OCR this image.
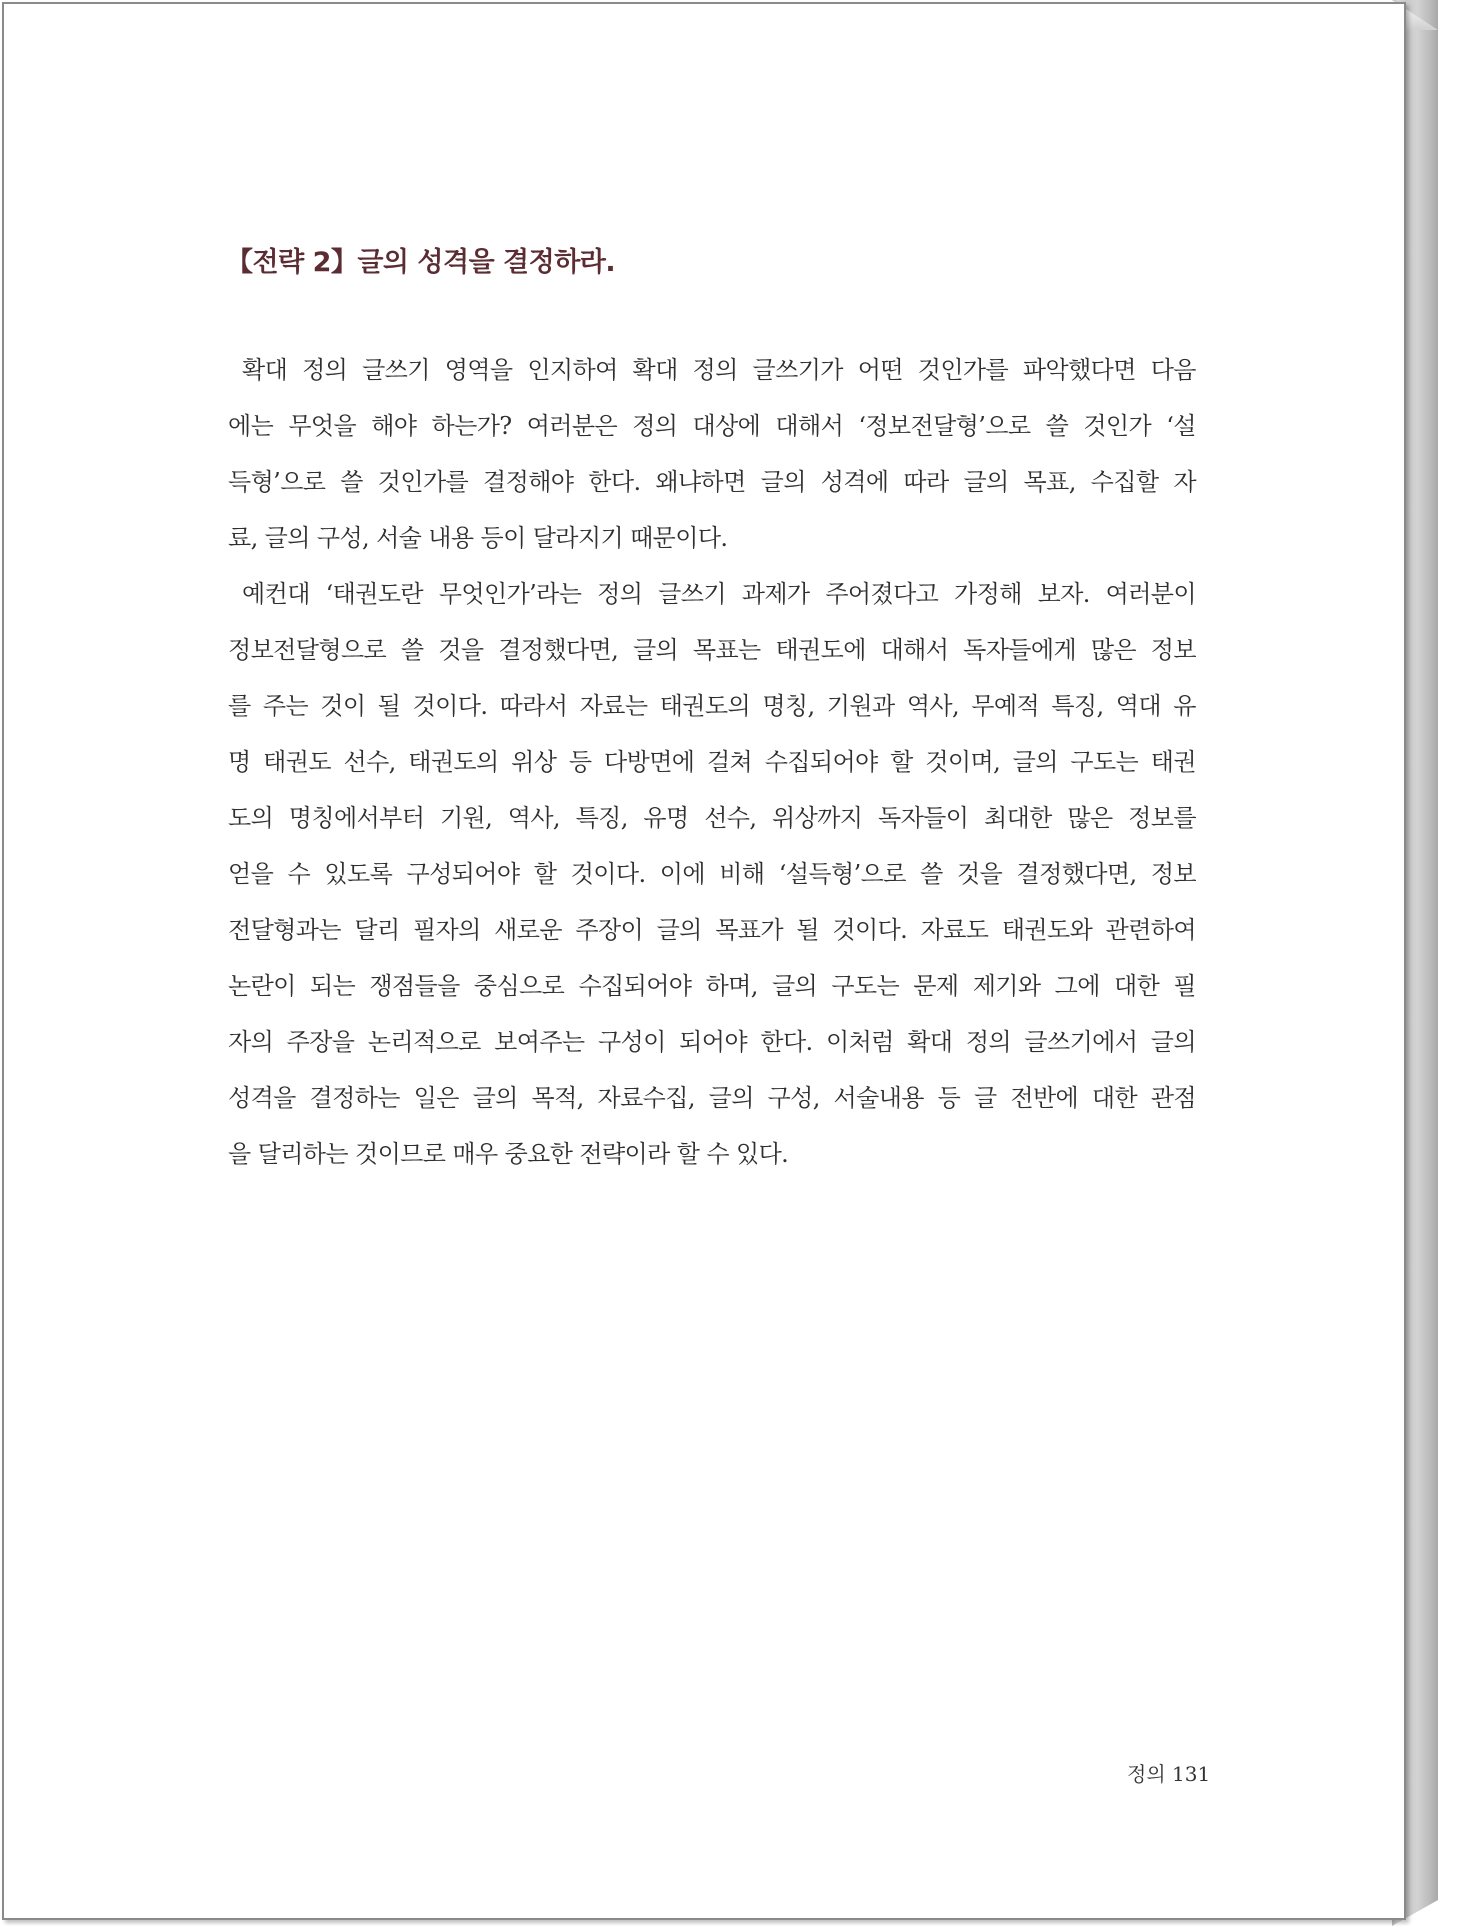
【전략 2】글의 성격을 결정하라.
확대 정의 글쓰기 영역을 인지하여 확대 정의 글쓰기가 어떤 것인가를 파악했다면 다음
에는 무엇을 해야 하는가? 여러분은 정의 대상에 대해서 ‘정보전달형’으로 쓸 것인가 ‘설
득형’으로 쓸 것인가를 결정해야 한다. 왜냐하면 글의 성격에 따라 글의 목표, 수집할 자
료, 글의 구성, 서술 내용 등이 달라지기 때문이다.
예컨대 ‘태권도란 무엇인가’라는 정의 글쓰기 과제가 주어졌다고 가정해 보자. 여러분이
정보전달형으로 쓸 것을 결정했다면, 글의 목표는 태권도에 대해서 독자들에게 많은 정보
를 주는 것이 될 것이다. 따라서 자료는 태권도의 명칭, 기원과 역사, 무예적 특징, 역대 유
명 태권도 선수, 태권도의 위상 등 다방면에 걸쳐 수집되어야 할 것이며, 글의 구도는 태권
도의 명칭에서부터 기원, 역사, 특징, 유명 선수, 위상까지 독자들이 최대한 많은 정보를
얻을 수 있도록 구성되어야 할 것이다. 이에 비해 ‘설득형’으로 쓸 것을 결정했다면, 정보
전달형과는 달리 필자의 새로운 주장이 글의 목표가 될 것이다. 자료도 태권도와 관련하여
논란이 되는 쟁점들을 중심으로 수집되어야 하며, 글의 구도는 문제 제기와 그에 대한 필
자의 주장을 논리적으로 보여주는 구성이 되어야 한다. 이처럼 확대 정의 글쓰기에서 글의
성격을 결정하는 일은 글의 목적, 자료수집, 글의 구성, 서술내용 등 글 전반에 대한 관점
을 달리하는 것이므로 매우 중요한 전략이라 할 수 있다.
정의 131
